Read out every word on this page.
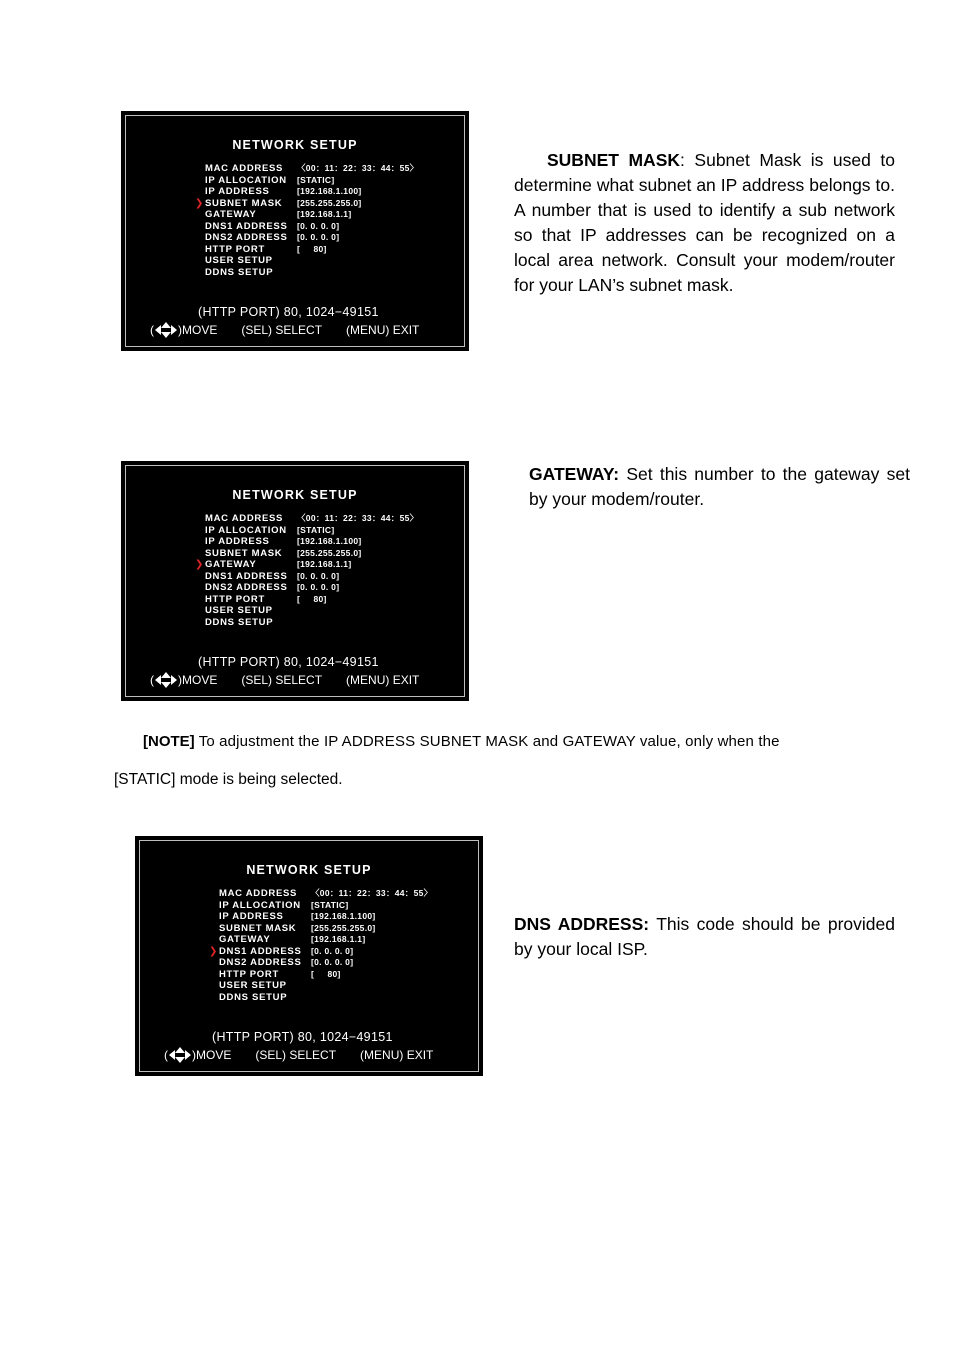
NETWORK SETUP
MAC ADDRESS 〈00：11：22：33：44：55〉
IP ALLOCATION [STATIC]
IP ADDRESS	[192.168.1.100]
❯ SUBNET MASK [255.255.255.0]
GATEWAY	[192.168.1.1]
DNS1 ADDRESS [0. 0. 0. 0]
DNS2 ADDRESS [0. 0. 0. 0]
HTTP PORT	[     80]
USER SETUP
DDNS SETUP
(HTTP PORT) 80, 1024−49151
( )MOVE (SEL) SELECT (MENU) EXIT
SUBNET MASK: Subnet Mask is used to determine what subnet an IP address belongs to. A number that is used to identify a sub network so that IP addresses can be recognized on a local area network. Consult your modem/router for your LAN’s subnet mask.
NETWORK SETUP
MAC ADDRESS 〈00：11：22：33：44：55〉
IP ALLOCATION [STATIC]
IP ADDRESS	[192.168.1.100]
SUBNET MASK [255.255.255.0]
❯ GATEWAY	[192.168.1.1]
DNS1 ADDRESS [0. 0. 0. 0]
DNS2 ADDRESS [0. 0. 0. 0]
HTTP PORT	[     80]
USER SETUP
DDNS SETUP
(HTTP PORT) 80, 1024−49151
( )MOVE (SEL) SELECT (MENU) EXIT
GATEWAY: Set this number to the gateway set by your modem/router.
[NOTE] To adjustment the IP ADDRESS SUBNET MASK and GATEWAY value, only when the
[STATIC] mode is being selected.
NETWORK SETUP
MAC ADDRESS 〈00：11：22：33：44：55〉
IP ALLOCATION [STATIC]
IP ADDRESS	[192.168.1.100]
SUBNET MASK [255.255.255.0]
GATEWAY	[192.168.1.1]
❯ DNS1 ADDRESS [0. 0. 0. 0]
DNS2 ADDRESS [0. 0. 0. 0]
HTTP PORT	[     80]
USER SETUP
DDNS SETUP
(HTTP PORT) 80, 1024−49151
( )MOVE (SEL) SELECT (MENU) EXIT
DNS ADDRESS: This code should be provided by your local ISP.
